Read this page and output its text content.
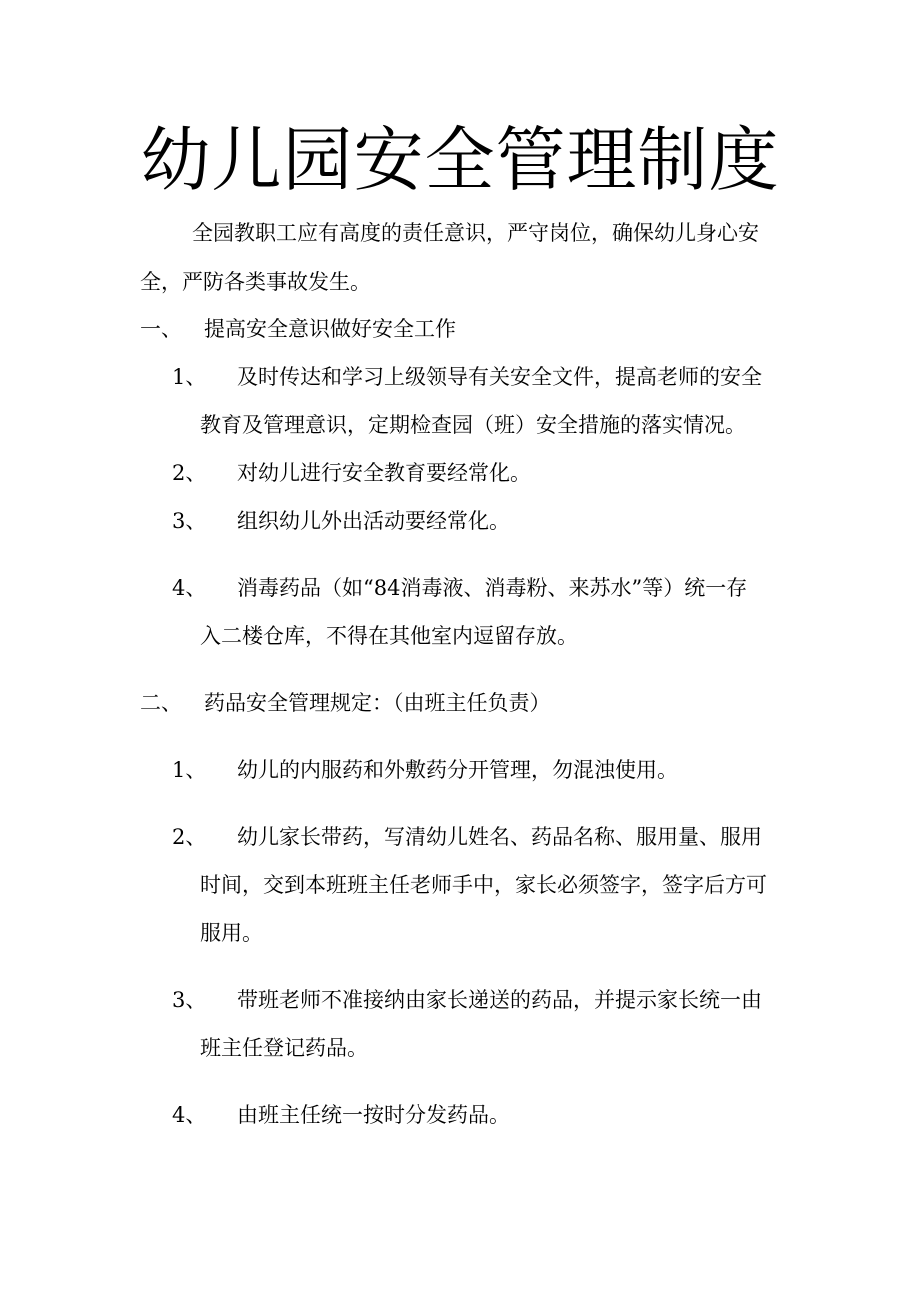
幼儿园安全管理制度
全园教职工应有高度的责任意识，严守岗位，确保幼儿身心安
全，严防各类事故发生。
一、 提高安全意识做好安全工作
1、 及时传达和学习上级领导有关安全文件，提高老师的安全
教育及管理意识，定期检查园（班）安全措施的落实情况。
2、 对幼儿进行安全教育要经常化。
3、 组织幼儿外出活动要经常化。
4、 消毒药品（如“84消毒液、消毒粉、来苏水”等）统一存
入二楼仓库，不得在其他室内逗留存放。
二、 药品安全管理规定：（由班主任负责）
1、 幼儿的内服药和外敷药分开管理，勿混浊使用。
2、 幼儿家长带药，写清幼儿姓名、药品名称、服用量、服用
时间，交到本班班主任老师手中，家长必须签字，签字后方可
服用。
3、 带班老师不准接纳由家长递送的药品，并提示家长统一由
班主任登记药品。
4、 由班主任统一按时分发药品。
